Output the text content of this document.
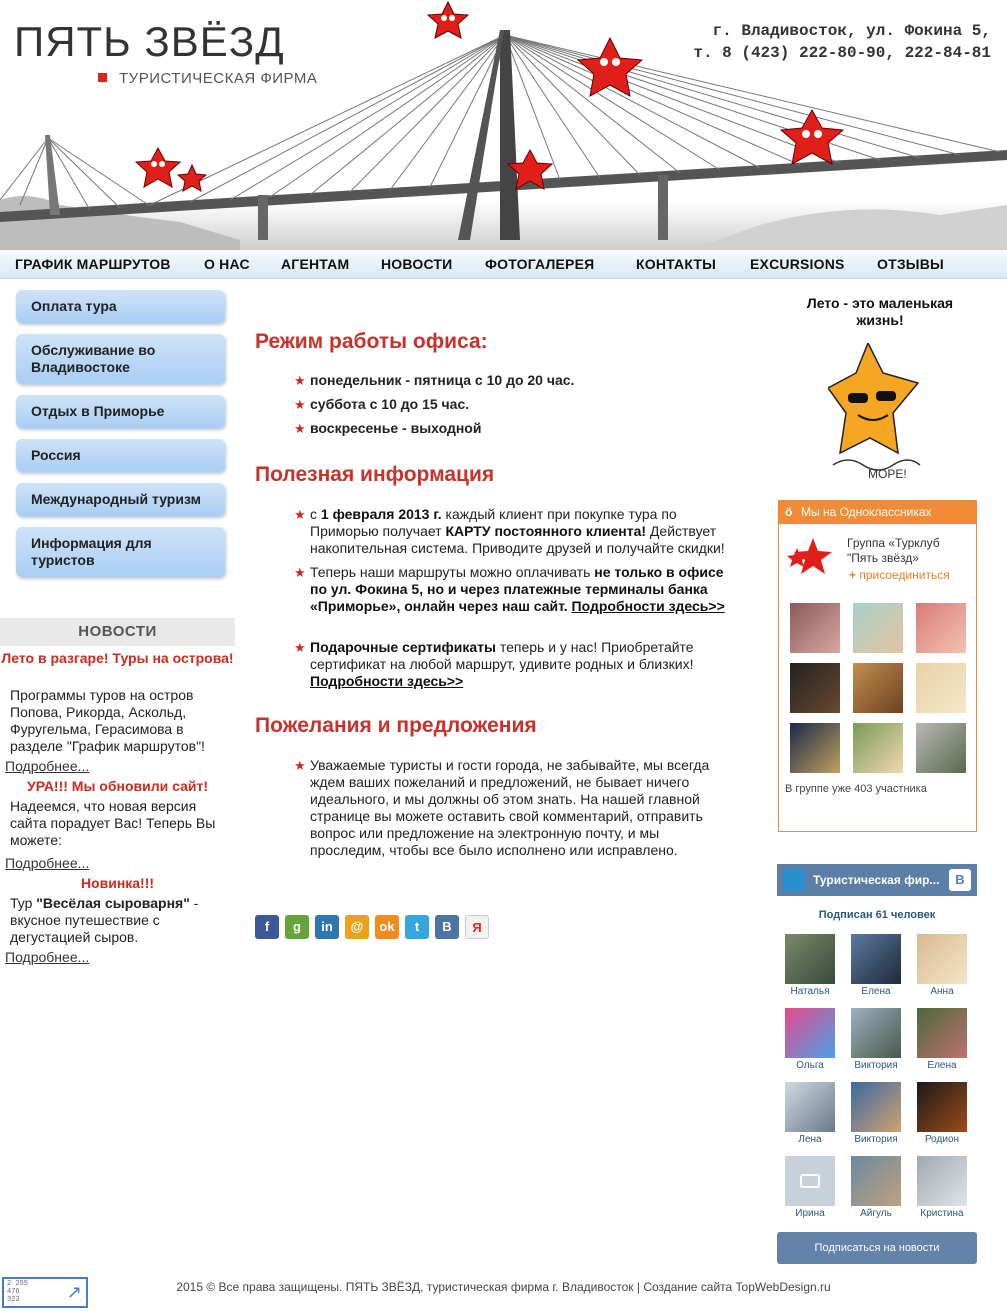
ПЯТЬ ЗВЁЗД
ТУРИСТИЧЕСКАЯ ФИРМА
г. Владивосток, ул. Фокина 5,
т. 8 (423) 222-80-90, 222-84-81
ГРАФИК МАРШРУТОВ О НАС АГЕНТАМ НОВОСТИ ФОТОГАЛЕРЕЯ	КОНТАКТЫ EXCURSIONS ОТЗЫВЫ
Оплата тура
Обслуживание во Владивостоке
Отдых в Приморье
Россия
Международный туризм
Информация для туристов
НОВОСТИ
Лето в разгаре! Туры на острова!
Программы туров на остров Попова, Рикорда, Аскольд, Фуругельма, Герасимова в разделе "График маршрутов"!
Подробнее...
УРА!!! Мы обновили сайт!
Надеемся, что новая версия сайта порадует Вас! Теперь Вы можете:
Подробнее...
Новинка!!!
Тур "Весёлая сыроварня" - вкусное путешествие с дегустацией сыров.
Подробнее...
Режим работы офиса:
★ понедельник - пятница с 10 до 20 час.
★ суббота с 10 до 15 час.
★ воскресенье - выходной
Полезная информация
★ с 1 февраля 2013 г. каждый клиент при покупке тура по Приморью получает КАРТУ постоянного клиента! Действует накопительная система. Приводите друзей и получайте скидки!
★ Теперь наши маршруты можно оплачивать не только в офисе по ул. Фокина 5, но и через платежные терминалы банка «Приморье», онлайн через наш сайт. Подробности здесь>>
★ Подарочные сертификаты теперь и у нас! Приобретайте сертификат на любой маршрут, удивите родных и близких! Подробности здесь>>
Пожелания и предложения
★ Уважаемые туристы и гости города, не забывайте, мы всегда ждем ваших пожеланий и предложений, не бывает ничего идеального, и мы должны об этом знать. На нашей главной странице вы можете оставить свой комментарий, отправить вопрос или предложение на электронную почту, и мы проследим, чтобы все было исполнено или исправлено.
f	g	in	@	ok	t	B	Я
Лето - это маленькая жизнь!
МОРЕ!
ӧ Мы на Одноклассниках
Группа «Турклуб
"Пять звёзд»
+ присоединиться
В группе уже 403 участника
Туристическая фир...	B
Подписан 61 человек
Наталья	Елена	Анна
Ольга	Виктория	Елена
Лена	Виктория	Родион
Ирина	Айгуль	Кристина
Подписаться на новости
2 255
476
322	↗	2015 © Все права защищены. ПЯТЬ ЗВЁЗД, туристическая фирма г. Владивосток | Создание сайта TopWebDesign.ru
